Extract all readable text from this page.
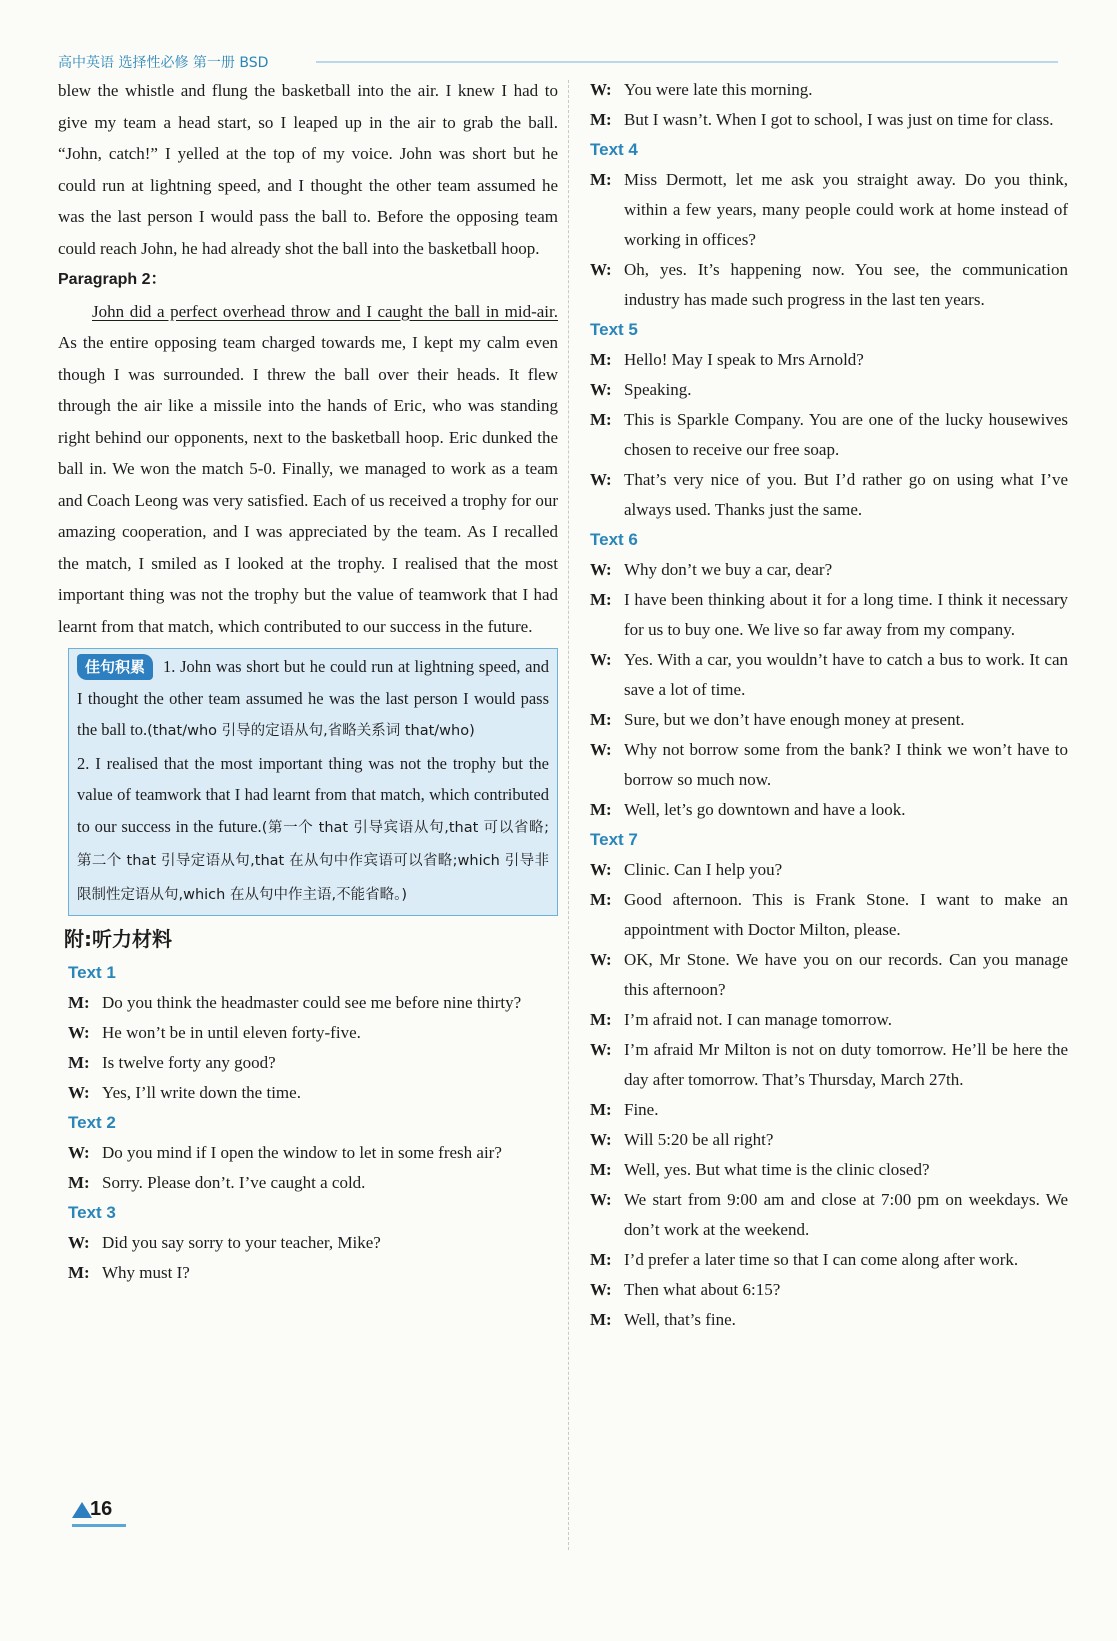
高中英语 选择性必修 第一册 BSD

blew the whistle and flung the basketball into the air. I knew I had to give my team a head start, so I leaped up in the air to grab the ball. “John, catch!” I yelled at the top of my voice. John was short but he could run at lightning speed, and I thought the other team assumed he was the last person I would pass the ball to. Before the opposing team could reach John, he had already shot the ball into the basketball hoop.

Paragraph 2：

John did a perfect overhead throw and I caught the ball in mid-air. As the entire opposing team charged towards me, I kept my calm even though I was surrounded. I threw the ball over their heads. It flew through the air like a missile into the hands of Eric, who was standing right behind our opponents, next to the basketball hoop. Eric dunked the ball in. We won the match 5-0. Finally, we managed to work as a team and Coach Leong was very satisfied. Each of us received a trophy for our amazing cooperation, and I was appreciated by the team. As I recalled the match, I smiled as I looked at the trophy. I realised that the most important thing was not the trophy but the value of teamwork that I had learnt from that match, which contributed to our success in the future.

佳句积累 1. John was short but he could run at lightning speed, and I thought the other team assumed he was the last person I would pass the ball to.(that/who 引导的定语从句,省略关系词 that/who)

2. I realised that the most important thing was not the trophy but the value of teamwork that I had learnt from that match, which contributed to our success in the future.(第一个 that 引导宾语从句,that 可以省略;第二个 that 引导定语从句,that 在从句中作宾语可以省略;which 引导非限制性定语从句,which 在从句中作主语,不能省略。)

附:听力材料

Text 1

M: Do you think the headmaster could see me before nine thirty?
W: He won’t be in until eleven forty-five.
M: Is twelve forty any good?
W: Yes, I’ll write down the time.

Text 2

W: Do you mind if I open the window to let in some fresh air?
M: Sorry. Please don’t. I’ve caught a cold.

Text 3

W: Did you say sorry to your teacher, Mike?
M: Why must I?
W: You were late this morning.
M: But I wasn’t. When I got to school, I was just on time for class.

Text 4

M: Miss Dermott, let me ask you straight away. Do you think, within a few years, many people could work at home instead of working in offices?
W: Oh, yes. It’s happening now. You see, the communication industry has made such progress in the last ten years.

Text 5

M: Hello! May I speak to Mrs Arnold?
W: Speaking.
M: This is Sparkle Company. You are one of the lucky housewives chosen to receive our free soap.
W: That’s very nice of you. But I’d rather go on using what I’ve always used. Thanks just the same.

Text 6

W: Why don’t we buy a car, dear?
M: I have been thinking about it for a long time. I think it necessary for us to buy one. We live so far away from my company.
W: Yes. With a car, you wouldn’t have to catch a bus to work. It can save a lot of time.
M: Sure, but we don’t have enough money at present.
W: Why not borrow some from the bank? I think we won’t have to borrow so much now.
M: Well, let’s go downtown and have a look.

Text 7

W: Clinic. Can I help you?
M: Good afternoon. This is Frank Stone. I want to make an appointment with Doctor Milton, please.
W: OK, Mr Stone. We have you on our records. Can you manage this afternoon?
M: I’m afraid not. I can manage tomorrow.
W: I’m afraid Mr Milton is not on duty tomorrow. He’ll be here the day after tomorrow. That’s Thursday, March 27th.
M: Fine.
W: Will 5:20 be all right?
M: Well, yes. But what time is the clinic closed?
W: We start from 9:00 am and close at 7:00 pm on weekdays. We don’t work at the weekend.
M: I’d prefer a later time so that I can come along after work.
W: Then what about 6:15?
M: Well, that’s fine.
16
